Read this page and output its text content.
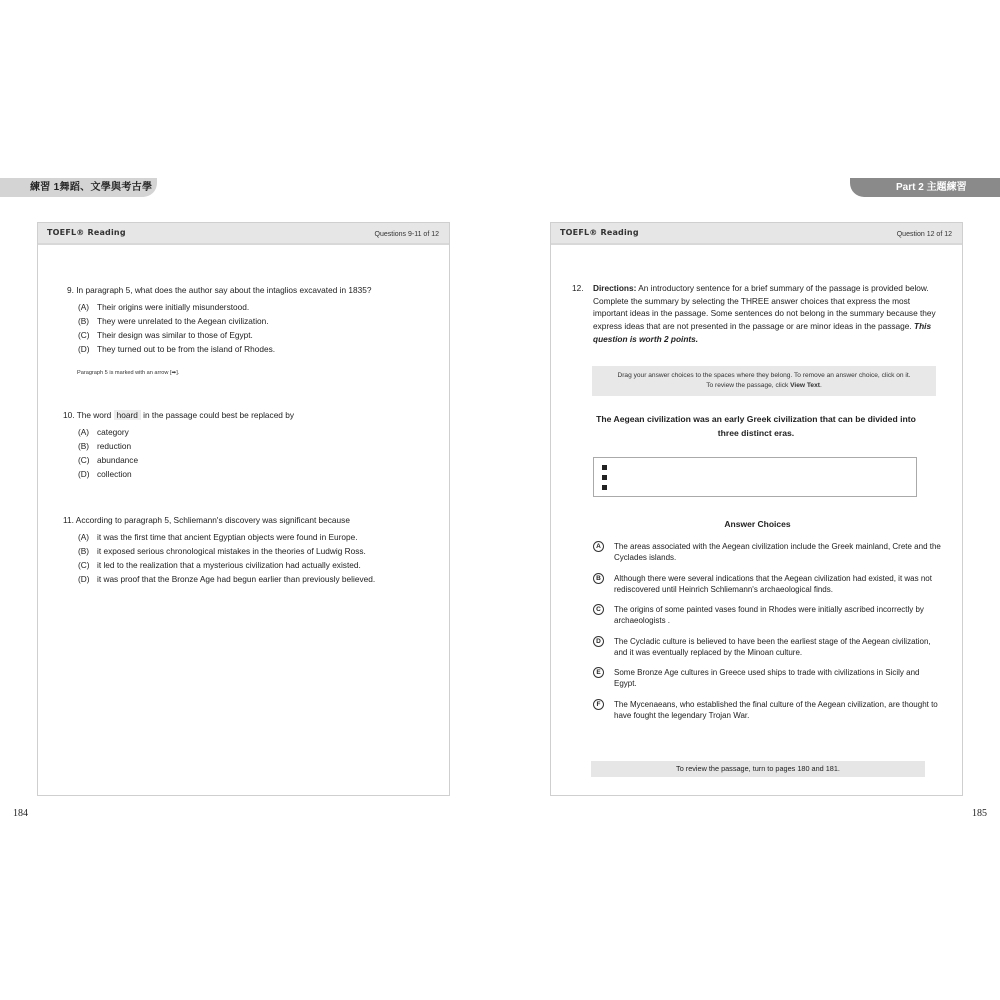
練習 1舞蹈、文學與考古學
TOEFL® Reading	Questions 9-11 of 12
9. In paragraph 5, what does the author say about the intaglios excavated in 1835?
(A) Their origins were initially misunderstood.
(B) They were unrelated to the Aegean civilization.
(C) Their design was similar to those of Egypt.
(D) They turned out to be from the island of Rhodes.
Paragraph 5 is marked with an arrow [➡].
10. The word hoard in the passage could best be replaced by
(A) category
(B) reduction
(C) abundance
(D) collection
11. According to paragraph 5, Schliemann's discovery was significant because
(A) it was the first time that ancient Egyptian objects were found in Europe.
(B) it exposed serious chronological mistakes in the theories of Ludwig Ross.
(C) it led to the realization that a mysterious civilization had actually existed.
(D) it was proof that the Bronze Age had begun earlier than previously believed.
184
Part 2 主題練習
TOEFL® Reading	Question 12 of 12
12. Directions: An introductory sentence for a brief summary of the passage is provided below. Complete the summary by selecting the THREE answer choices that express the most important ideas in the passage. Some sentences do not belong in the summary because they express ideas that are not presented in the passage or are minor ideas in the passage. This question is worth 2 points.
Drag your answer choices to the spaces where they belong. To remove an answer choice, click on it.
To review the passage, click View Text.
The Aegean civilization was an early Greek civilization that can be divided into three distinct eras.
Answer Choices
A	The areas associated with the Aegean civilization include the Greek mainland, Crete and the Cyclades islands.
B	Although there were several indications that the Aegean civilization had existed, it was not rediscovered until Heinrich Schliemann's archaeological finds.
C	The origins of some painted vases found in Rhodes were initially ascribed incorrectly by archaeologists .
D	The Cycladic culture is believed to have been the earliest stage of the Aegean civilization, and it was eventually replaced by the Minoan culture.
E	Some Bronze Age cultures in Greece used ships to trade with civilizations in Sicily and Egypt.
F	The Mycenaeans, who established the final culture of the Aegean civilization, are thought to have fought the legendary Trojan War.
To review the passage, turn to pages 180 and 181.
185
